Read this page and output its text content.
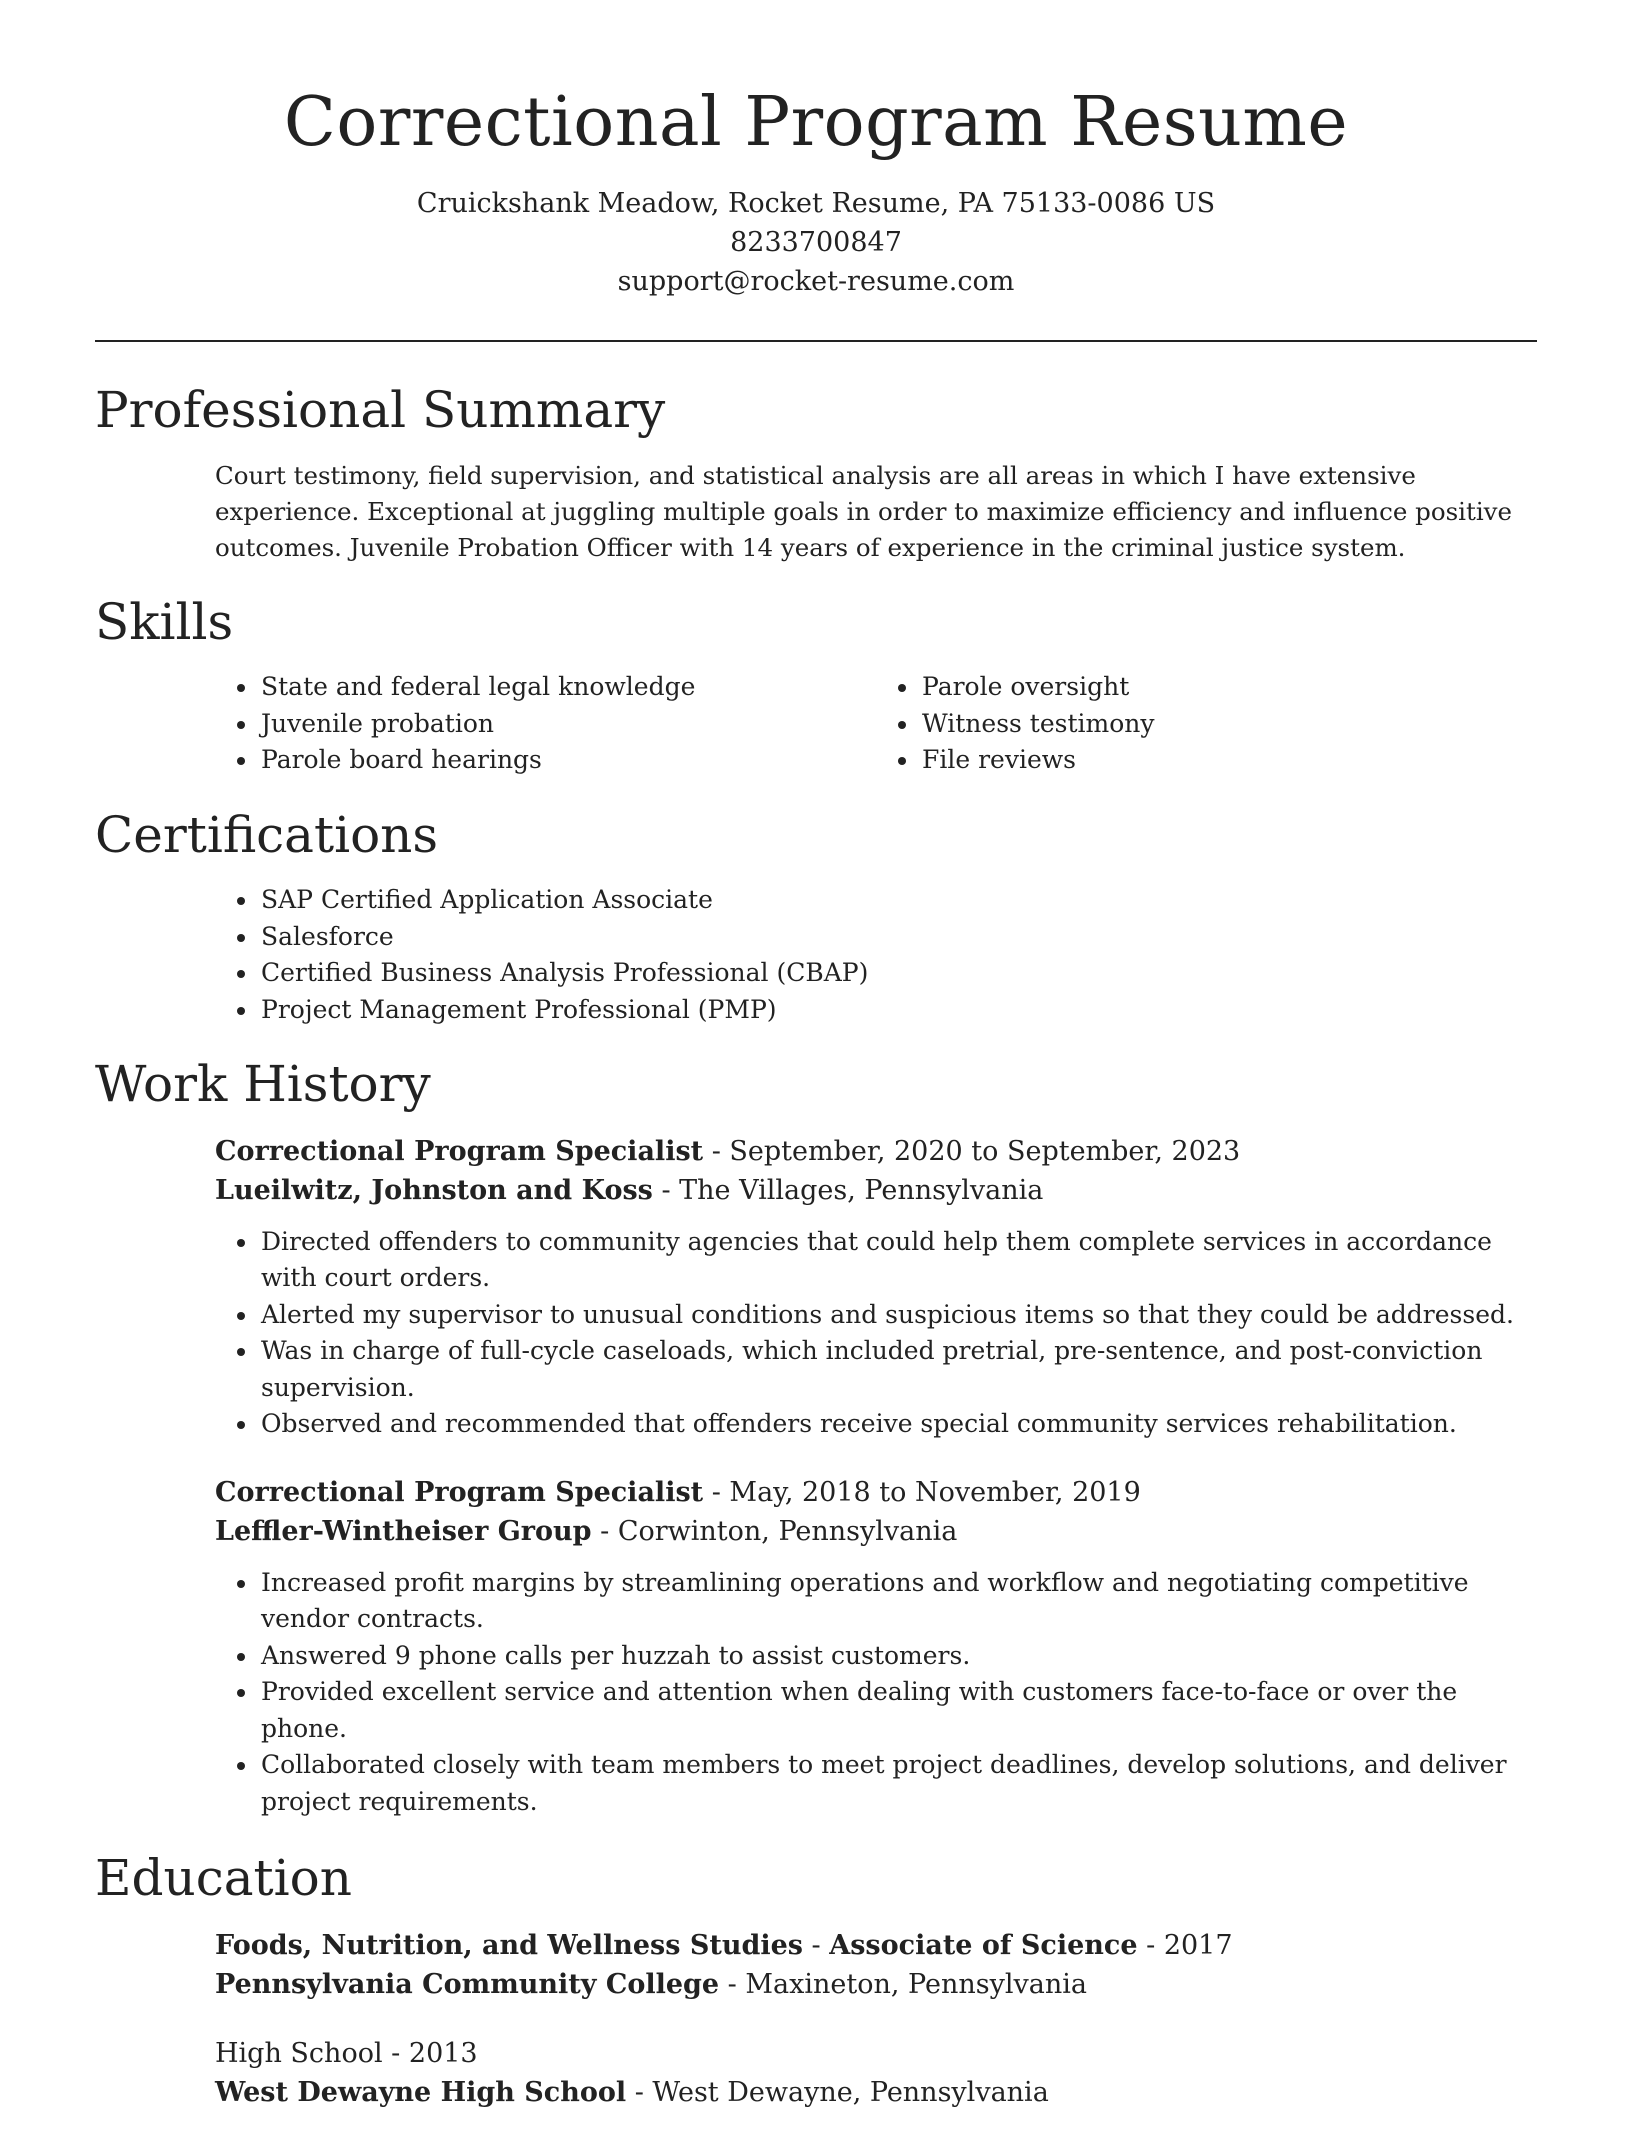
Correctional Program Resume
Cruickshank Meadow, Rocket Resume, PA 75133-0086 US
8233700847
support@rocket-resume.com
Professional Summary

Court testimony, field supervision, and statistical analysis are all areas in which I have extensive experience. Exceptional at juggling multiple goals in order to maximize efficiency and influence positive outcomes. Juvenile Probation Officer with 14 years of experience in the criminal justice system.

Skills
• State and federal legal knowledge
• Juvenile probation
• Parole board hearings
• Parole oversight
• Witness testimony
• File reviews
Certifications
• SAP Certified Application Associate
• Salesforce
• Certified Business Analysis Professional (CBAP)
• Project Management Professional (PMP)
Work History
Correctional Program Specialist - September, 2020 to September, 2023
Lueilwitz, Johnston and Koss - The Villages, Pennsylvania
• Directed offenders to community agencies that could help them complete services in accordance with court orders.
• Alerted my supervisor to unusual conditions and suspicious items so that they could be addressed.
• Was in charge of full-cycle caseloads, which included pretrial, pre-sentence, and post-conviction supervision.
• Observed and recommended that offenders receive special community services rehabilitation.
Correctional Program Specialist - May, 2018 to November, 2019
Leffler-Wintheiser Group - Corwinton, Pennsylvania
• Increased profit margins by streamlining operations and workflow and negotiating competitive vendor contracts.
• Answered 9 phone calls per huzzah to assist customers.
• Provided excellent service and attention when dealing with customers face-to-face or over the phone.
• Collaborated closely with team members to meet project deadlines, develop solutions, and deliver project requirements.
Education
Foods, Nutrition, and Wellness Studies - Associate of Science - 2017
Pennsylvania Community College - Maxineton, Pennsylvania
High School - 2013
West Dewayne High School - West Dewayne, Pennsylvania
